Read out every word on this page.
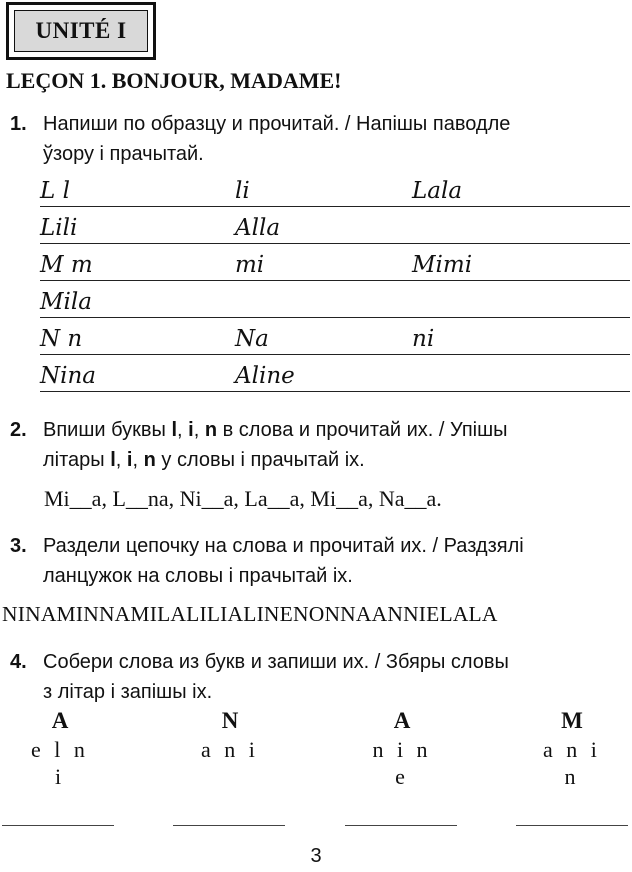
UNITÉ I
LEÇON 1. BONJOUR, MADAME!
1. Напиши по образцу и прочитай. / Напішы паводле
ўзору і прачытай.
L l	li	Lala
Lili	Alla
M m	mi	Mimi
Mila
N n	Na	ni
Nina	Aline
2. Впиши буквы l, i, n в слова и прочитай их. / Упішы
літары l, i, n у словы і прачытай іх.
Mi__a, L__na, Ni__a, La__a, Mi__a, Na__a.
3. Раздели цепочку на слова и прочитай их. / Раздзялі
ланцужок на словы і прачытай іх.
NINAMINNAMILALILIALINENONNAANNIELALA
4. Собери слова из букв и запиши их. / Збяры словы
з літар і запішы іх.
A
e l n
i
N
a n i
A
n i n
e
M
a n i
n
3
